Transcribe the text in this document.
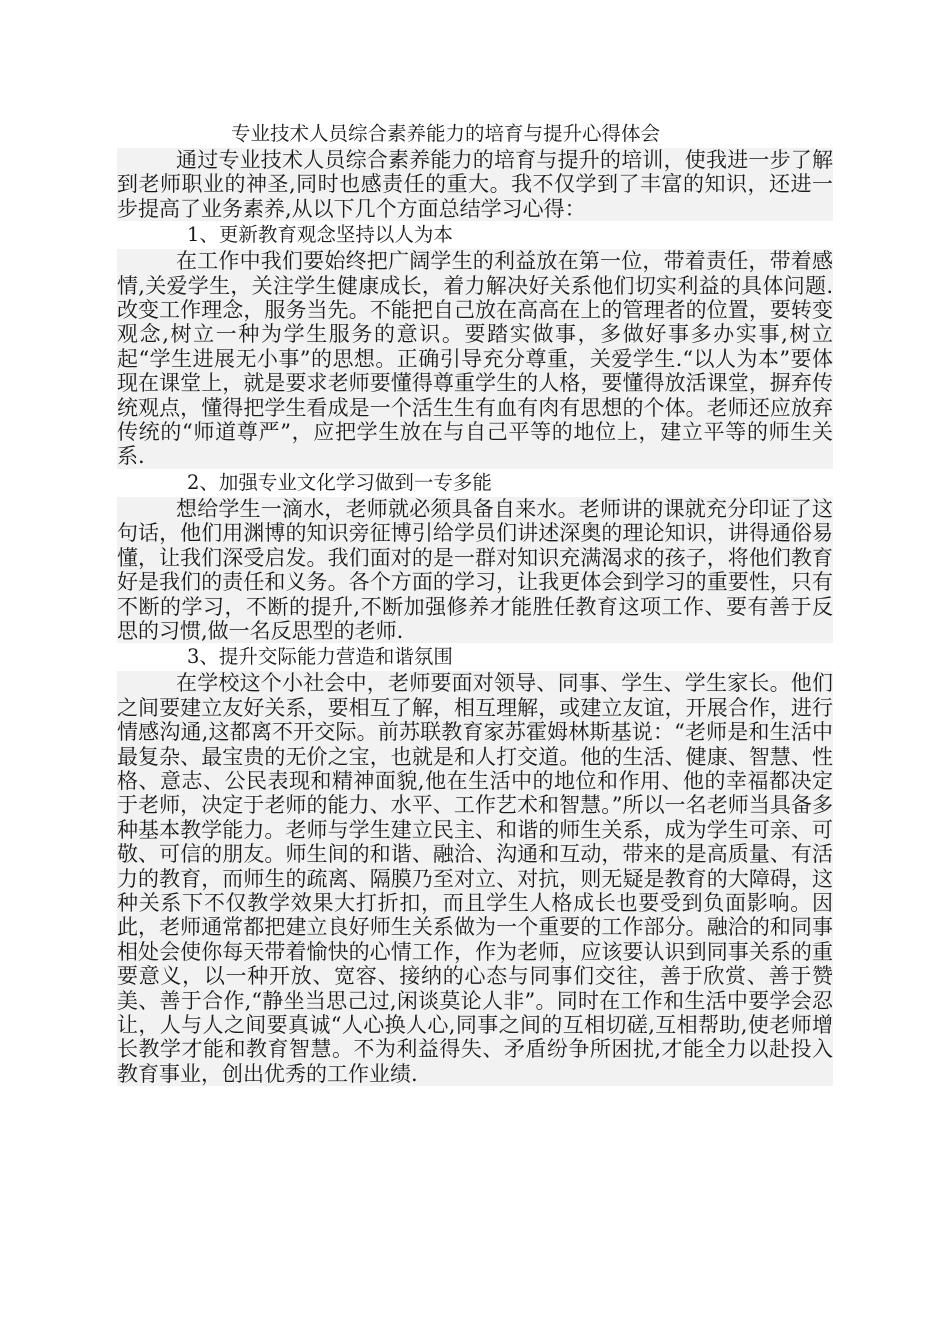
专业技术人员综合素养能力的培育与提升心得体会

通过专业技术人员综合素养能力的培育与提升的培训，使我进一步了解到老师职业的神圣,同时也感责任的重大。我不仅学到了丰富的知识，还进一步提高了业务素养,从以下几个方面总结学习心得：

1、更新教育观念坚持以人为本

在工作中我们要始终把广阔学生的利益放在第一位，带着责任，带着感情,关爱学生，关注学生健康成长，着力解决好关系他们切实利益的具体问题.改变工作理念，服务当先。不能把自己放在高高在上的管理者的位置，要转变观念,树立一种为学生服务的意识。要踏实做事，多做好事多办实事,树立起“学生进展无小事”的思想。正确引导充分尊重，关爱学生.“以人为本”要体现在课堂上，就是要求老师要懂得尊重学生的人格，要懂得放活课堂，摒弃传统观点，懂得把学生看成是一个活生生有血有肉有思想的个体。老师还应放弃传统的“师道尊严”，应把学生放在与自己平等的地位上，建立平等的师生关系.

2、加强专业文化学习做到一专多能

想给学生一滴水，老师就必须具备自来水。老师讲的课就充分印证了这句话，他们用渊博的知识旁征博引给学员们讲述深奥的理论知识，讲得通俗易懂，让我们深受启发。我们面对的是一群对知识充满渴求的孩子，将他们教育好是我们的责任和义务。各个方面的学习，让我更体会到学习的重要性，只有不断的学习，不断的提升,不断加强修养才能胜任教育这项工作、要有善于反思的习惯,做一名反思型的老师.

3、提升交际能力营造和谐氛围

在学校这个小社会中，老师要面对领导、同事、学生、学生家长。他们之间要建立友好关系，要相互了解，相互理解，或建立友谊，开展合作，进行情感沟通,这都离不开交际。前苏联教育家苏霍姆林斯基说：“老师是和生活中最复杂、最宝贵的无价之宝，也就是和人打交道。他的生活、健康、智慧、性格、意志、公民表现和精神面貌,他在生活中的地位和作用、他的幸福都决定于老师，决定于老师的能力、水平、工作艺术和智慧。”所以一名老师当具备多种基本教学能力。老师与学生建立民主、和谐的师生关系，成为学生可亲、可敬、可信的朋友。师生间的和谐、融洽、沟通和互动，带来的是高质量、有活力的教育，而师生的疏离、隔膜乃至对立、对抗，则无疑是教育的大障碍，这种关系下不仅教学效果大打折扣，而且学生人格成长也要受到负面影响。因此，老师通常都把建立良好师生关系做为一个重要的工作部分。融洽的和同事相处会使你每天带着愉快的心情工作，作为老师，应该要认识到同事关系的重要意义，以一种开放、宽容、接纳的心态与同事们交往，善于欣赏、善于赞美、善于合作,“静坐当思己过,闲谈莫论人非”。同时在工作和生活中要学会忍让，人与人之间要真诚“人心换人心,同事之间的互相切磋,互相帮助,使老师增长教学才能和教育智慧。不为利益得失、矛盾纷争所困扰,才能全力以赴投入教育事业，创出优秀的工作业绩.
